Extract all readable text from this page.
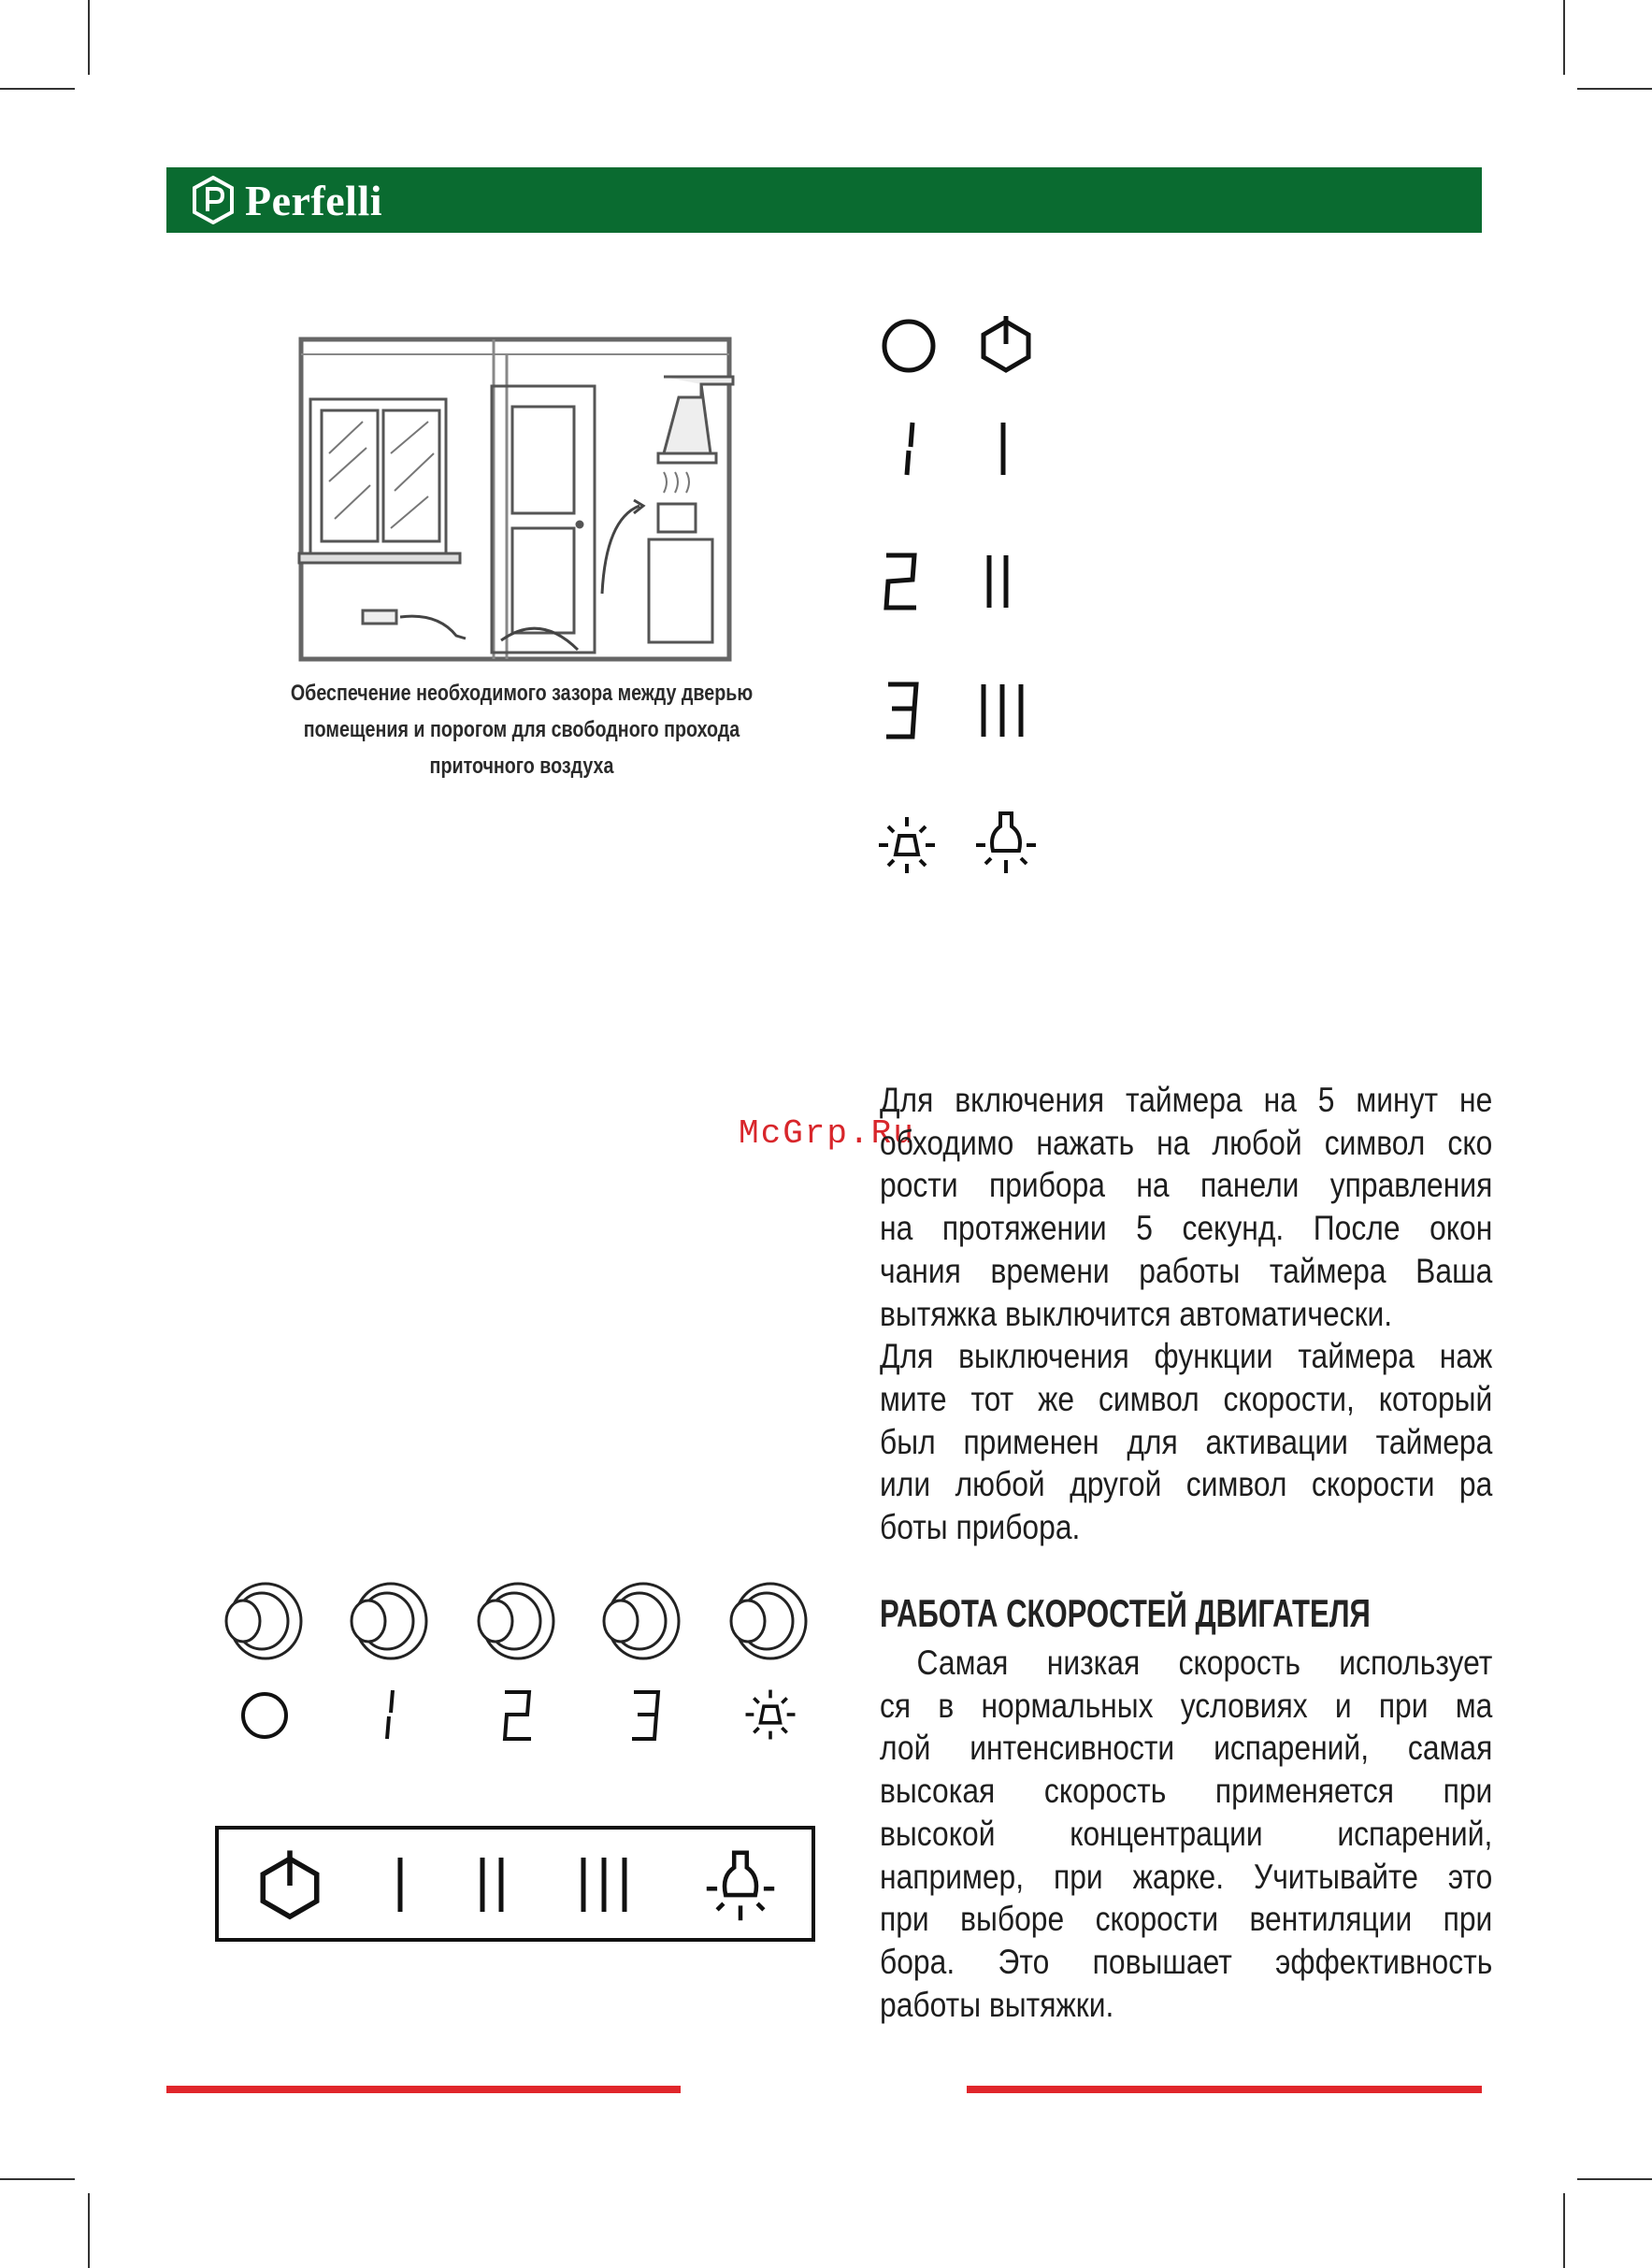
Perfelli
Обеспечение необходимого зазора между дверью
помещения и порогом для свободного прохода
приточного воздуха
McGrp.Ru
Для включения таймера на 5 минут не
обходимо нажать на любой символ ско
рости прибора на панели управления
на протяжении 5 секунд. После окон
чания времени работы таймера Ваша
вытяжка выключится автоматически.
Для выключения функции таймера наж
мите тот же символ скорости, который
был применен для активации таймера
или любой другой символ скорости ра
боты прибора.
РАБОТА СКОРОСТЕЙ ДВИГАТЕЛЯ
Самая низкая скорость использует
ся в нормальных условиях и при ма
лой интенсивности испарений, самая
высокая скорость применяется при
высокой концентрации испарений,
например, при жарке. Учитывайте это
при выборе скорости вентиляции при
бора. Это повышает эффективность
работы вытяжки.
